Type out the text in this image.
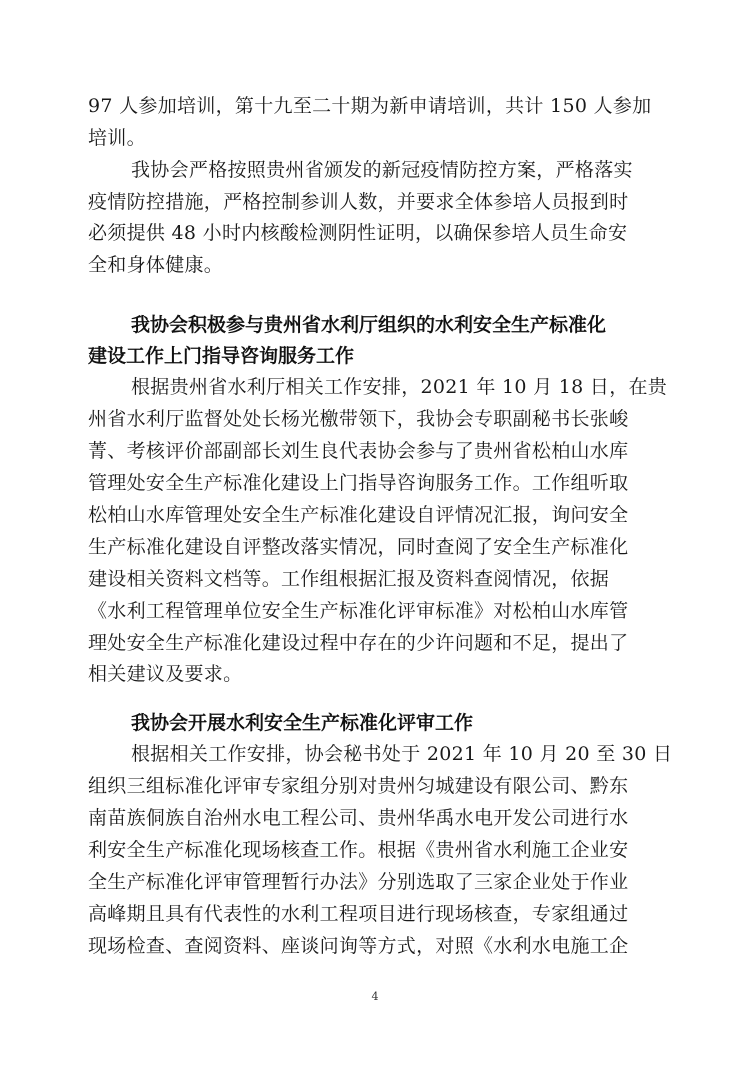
97 人参加培训，第十九至二十期为新申请培训，共计 150 人参加
培训。
我协会严格按照贵州省颁发的新冠疫情防控方案，严格落实
疫情防控措施，严格控制参训人数，并要求全体参培人员报到时
必须提供 48 小时内核酸检测阴性证明，以确保参培人员生命安
全和身体健康。
我协会积极参与贵州省水利厅组织的水利安全生产标准化
建设工作上门指导咨询服务工作
根据贵州省水利厅相关工作安排，2021 年 10 月 18 日，在贵
州省水利厅监督处处长杨光檄带领下，我协会专职副秘书长张峻
菁、考核评价部副部长刘生良代表协会参与了贵州省松柏山水库
管理处安全生产标准化建设上门指导咨询服务工作。工作组听取
松柏山水库管理处安全生产标准化建设自评情况汇报，询问安全
生产标准化建设自评整改落实情况，同时查阅了安全生产标准化
建设相关资料文档等。工作组根据汇报及资料查阅情况，依据
《水利工程管理单位安全生产标准化评审标准》对松柏山水库管
理处安全生产标准化建设过程中存在的少许问题和不足，提出了
相关建议及要求。
我协会开展水利安全生产标准化评审工作
根据相关工作安排，协会秘书处于 2021 年 10 月 20 至 30 日
组织三组标准化评审专家组分别对贵州匀城建设有限公司、黔东
南苗族侗族自治州水电工程公司、贵州华禹水电开发公司进行水
利安全生产标准化现场核查工作。根据《贵州省水利施工企业安
全生产标准化评审管理暂行办法》分别选取了三家企业处于作业
高峰期且具有代表性的水利工程项目进行现场核查，专家组通过
现场检查、查阅资料、座谈问询等方式，对照《水利水电施工企
4
